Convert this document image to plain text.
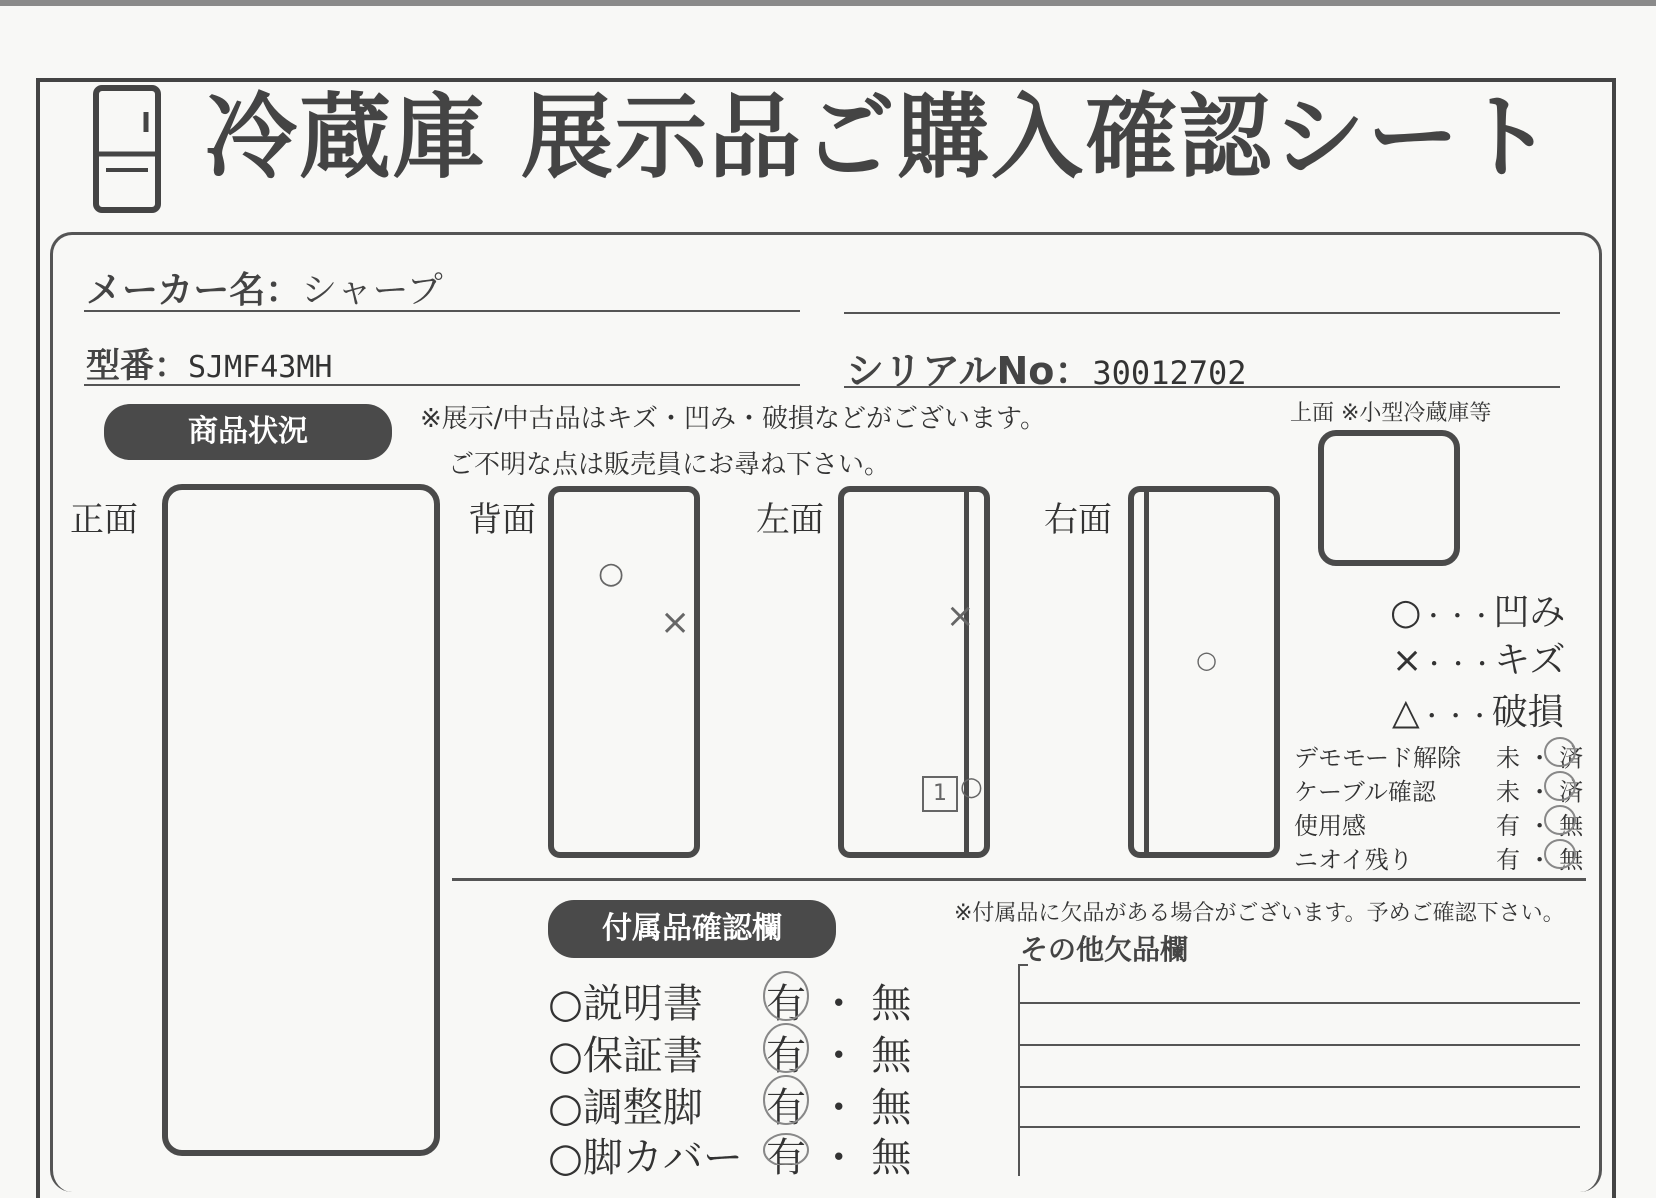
冷蔵庫 展示品ご購入確認シート
メーカー名：シャープ
型番：SJMF43MH	シリアルNo：30012702
商品状況	※展示/中古品はキズ・凹み・破損などがございます。
ご不明な点は販売員にお尋ね下さい。
上面 ※小型冷蔵庫等
正面	背面	左面	右面
○
×	×
1 ○
○
○・・・凹み
×・・・キズ
△・・・破損
デモモード解除 未 ・ 済
ケーブル確認	未 ・ 済
使用感	有 ・ 無
ニオイ残り	有 ・ 無
付属品確認欄	※付属品に欠品がある場合がございます。予めご確認下さい。
その他欠品欄
○説明書 有 ・ 無
○保証書 有 ・ 無
○調整脚 有 ・ 無
○脚カバー 有 ・ 無
